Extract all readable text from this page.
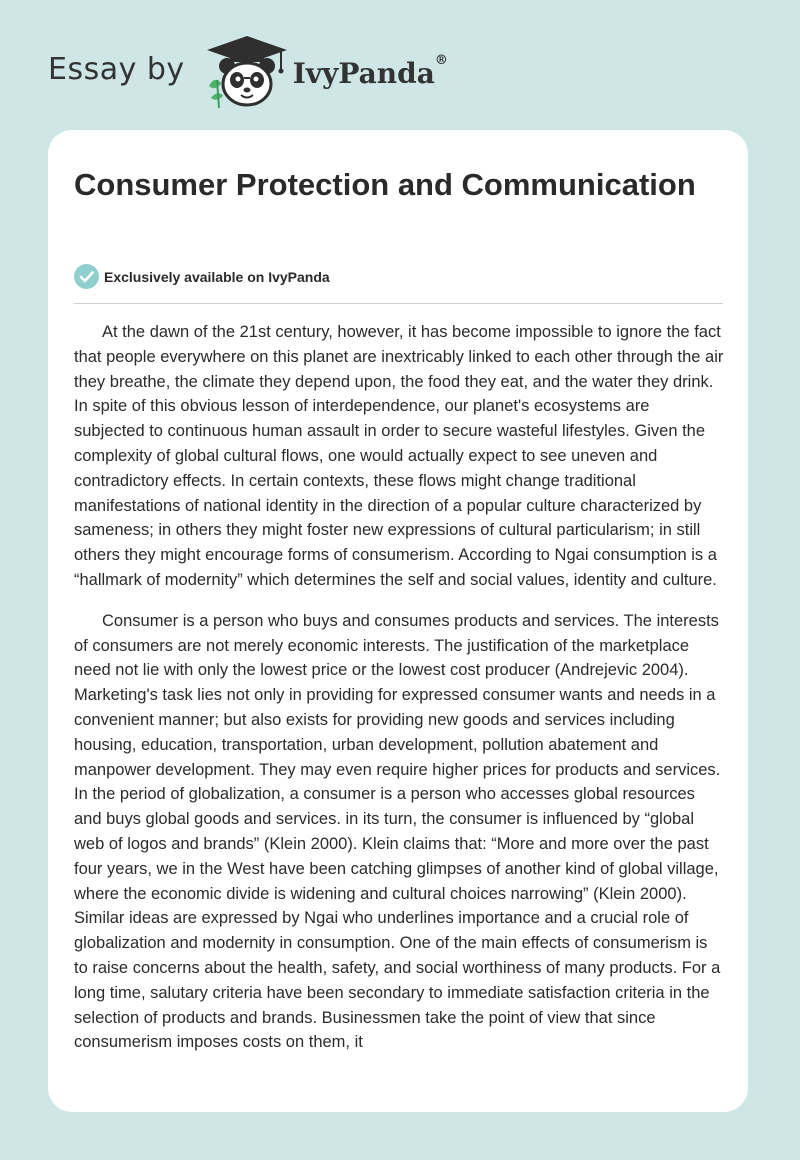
Essay by	IvyPanda®
Consumer Protection and Communication
Exclusively available on IvyPanda

At the dawn of the 21st century, however, it has become impossible to ignore the fact that people everywhere on this planet are inextricably linked to each other through the air they breathe, the climate they depend upon, the food they eat, and the water they drink. In spite of this obvious lesson of interdependence, our planet's ecosystems are subjected to continuous human assault in order to secure wasteful lifestyles. Given the complexity of global cultural flows, one would actually expect to see uneven and contradictory effects. In certain contexts, these flows might change traditional manifestations of national identity in the direction of a popular culture characterized by sameness; in others they might foster new expressions of cultural particularism; in still others they might encourage forms of consumerism. According to Ngai consumption is a “hallmark of modernity” which determines the self and social values, identity and culture.

Consumer is a person who buys and consumes products and services. The interests of consumers are not merely economic interests. The justification of the marketplace need not lie with only the lowest price or the lowest cost producer (Andrejevic 2004). Marketing's task lies not only in providing for expressed consumer wants and needs in a convenient manner; but also exists for providing new goods and services including housing, education, transportation, urban development, pollution abatement and manpower development. They may even require higher prices for products and services. In the period of globalization, a consumer is a person who accesses global resources and buys global goods and services. in its turn, the consumer is influenced by “global web of logos and brands” (Klein 2000). Klein claims that: “More and more over the past four years, we in the West have been catching glimpses of another kind of global village, where the economic divide is widening and cultural choices narrowing” (Klein 2000). Similar ideas are expressed by Ngai who underlines importance and a crucial role of globalization and modernity in consumption. One of the main effects of consumerism is to raise concerns about the health, safety, and social worthiness of many products. For a long time, salutary criteria have been secondary to immediate satisfaction criteria in the selection of products and brands. Businessmen take the point of view that since consumerism imposes costs on them, it
